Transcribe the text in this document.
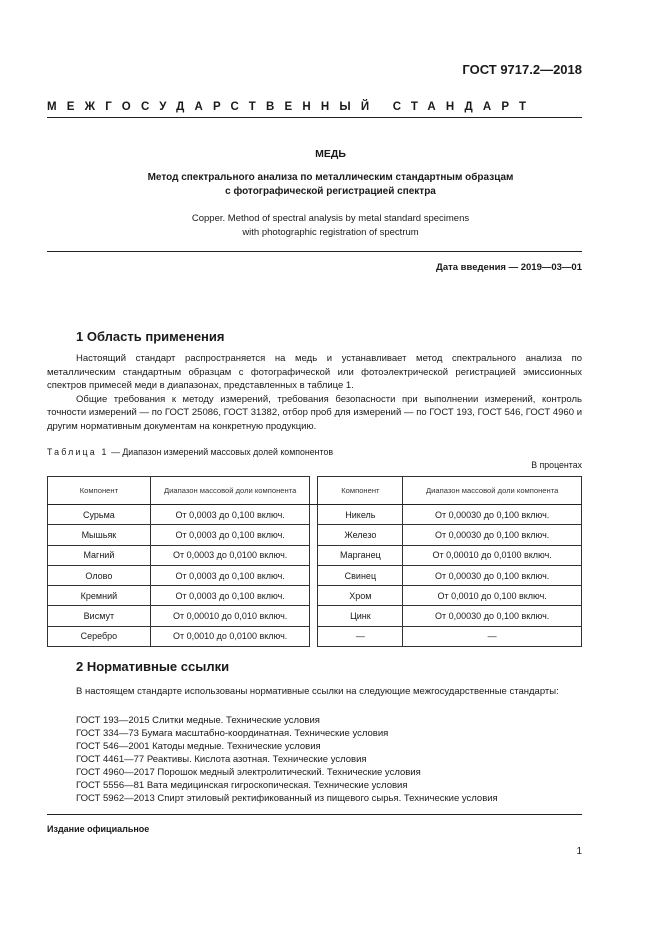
ГОСТ 9717.2—2018
МЕЖГОСУДАРСТВЕННЫЙ СТАНДАРТ
МЕДЬ
Метод спектрального анализа по металлическим стандартным образцам
с фотографической регистрацией спектра
Copper. Method of spectral analysis by metal standard specimens
with photographic registration of spectrum
Дата введения — 2019—03—01
1 Область применения

Настоящий стандарт распространяется на медь и устанавливает метод спектрального анализа по металлическим стандартным образцам с фотографической или фотоэлектрической регистрацией эмиссионных спектров примесей меди в диапазонах, представленных в таблице 1.

Общие требования к методу измерений, требования безопасности при выполнении измерений, контроль точности измерений — по ГОСТ 25086, ГОСТ 31382, отбор проб для измерений — по ГОСТ 193, ГОСТ 546, ГОСТ 4960 и другим нормативным документам на конкретную продукцию.

Таблица 1 — Диапазон измерений массовых долей компонентов
В процентах
Компонент	Диапазон массовой доли компонента		Компонент	Диапазон массовой доли компонента
Сурьма	От 0,0003 до 0,100 включ.		Никель	От 0,00030 до 0,100 включ.
Мышьяк	От 0,0003 до 0,100 включ.		Железо	От 0,00030 до 0,100 включ.
Магний	От 0,0003 до 0,0100 включ.		Марганец	От 0,00010 до 0,0100 включ.
Олово	От 0,0003 до 0,100 включ.		Свинец	От 0,00030 до 0,100 включ.
Кремний	От 0,0003 до 0,100 включ.		Хром	От 0,0010 до 0,100 включ.
Висмут	От 0,00010 до 0,010 включ.		Цинк	От 0,00030 до 0,100 включ.
Серебро	От 0,0010 до 0,0100 включ.		—	—
2 Нормативные ссылки

В настоящем стандарте использованы нормативные ссылки на следующие межгосударственные стандарты:

ГОСТ 193—2015 Слитки медные. Технические условия
ГОСТ 334—73 Бумага масштабно-координатная. Технические условия
ГОСТ 546—2001 Катоды медные. Технические условия
ГОСТ 4461—77 Реактивы. Кислота азотная. Технические условия
ГОСТ 4960—2017 Порошок медный электролитический. Технические условия
ГОСТ 5556—81 Вата медицинская гигроскопическая. Технические условия
ГОСТ 5962—2013 Спирт этиловый ректификованный из пищевого сырья. Технические условия
Издание официальное
1
